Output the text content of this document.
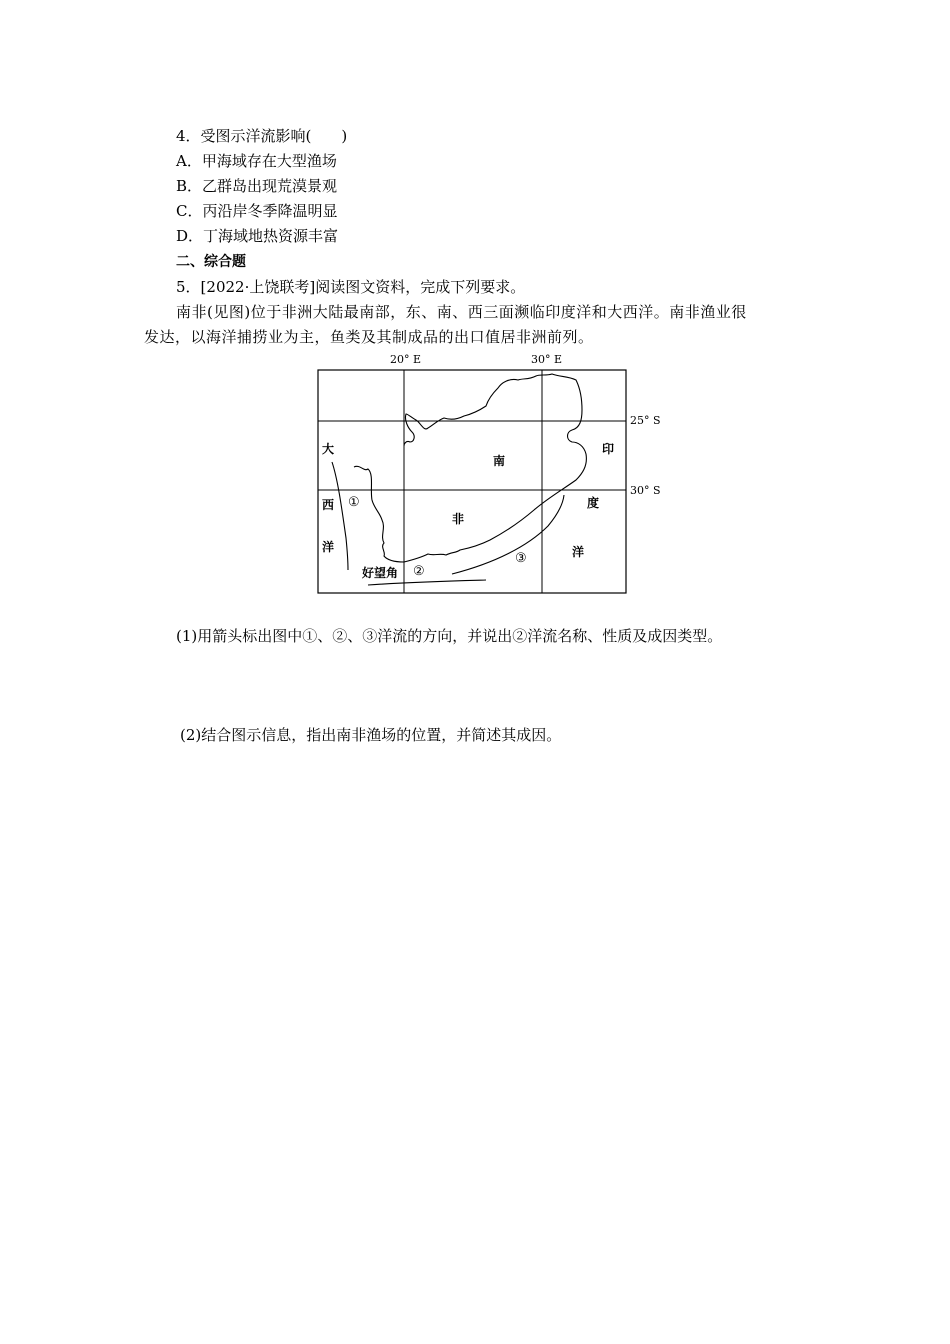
4．受图示洋流影响(　　)
A．甲海域存在大型渔场
B．乙群岛出现荒漠景观
C．丙沿岸冬季降温明显
D．丁海域地热资源丰富
二、综合题
5．[2022·上饶联考]阅读图文资料，完成下列要求。
南非(见图)位于非洲大陆最南部，东、南、西三面濒临印度洋和大西洋。南非渔业很
发达，以海洋捕捞业为主，鱼类及其制成品的出口值居非洲前列。
20° E	30° E
25° S
30° S
大
西
洋
印
度
洋
南
非
好望角
①
②
③
(1)用箭头标出图中①、②、③洋流的方向，并说出②洋流名称、性质及成因类型。
(2)结合图示信息，指出南非渔场的位置，并简述其成因。
